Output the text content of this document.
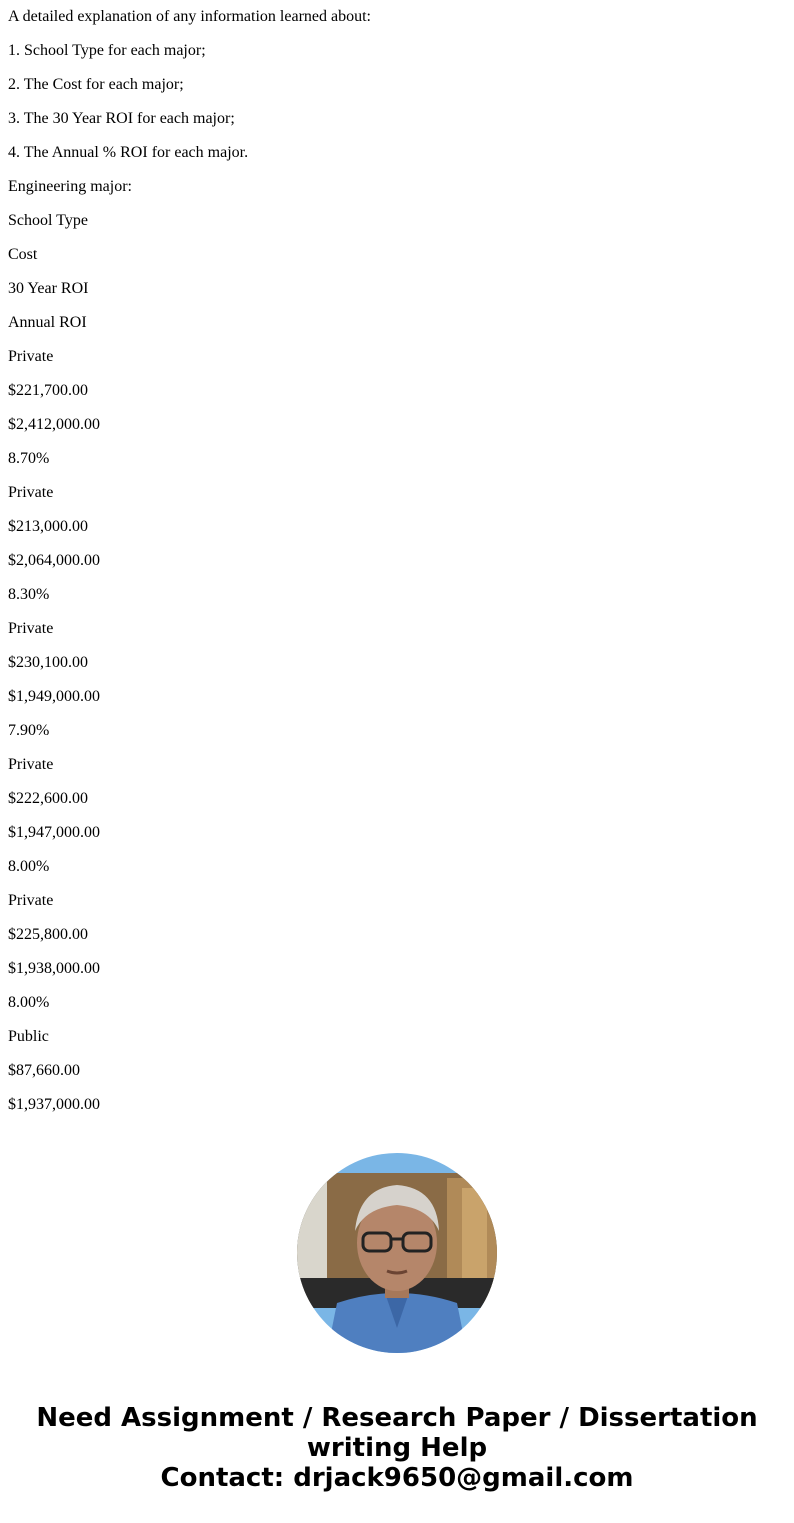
A detailed explanation of any information learned about:

1. School Type for each major;

2. The Cost for each major;

3. The 30 Year ROI for each major;

4. The Annual % ROI for each major.

Engineering major:

School Type

Cost

30 Year ROI

Annual ROI

Private

$221,700.00

$2,412,000.00

8.70%

Private

$213,000.00

$2,064,000.00

8.30%

Private

$230,100.00

$1,949,000.00

7.90%

Private

$222,600.00

$1,947,000.00

8.00%

Private

$225,800.00

$1,938,000.00

8.00%

Public

$87,660.00

$1,937,000.00

Need Assignment / Research Paper / Dissertation
writing Help
Contact: drjack9650@gmail.com
